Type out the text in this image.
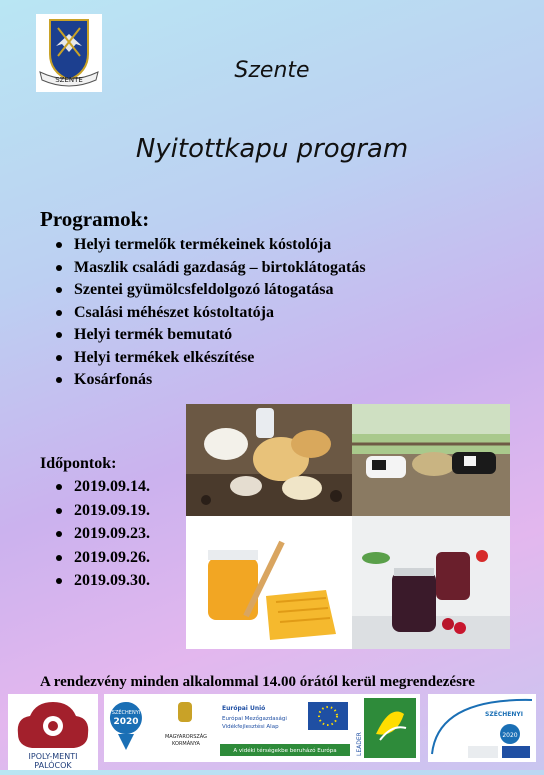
SZENTE	Szente
Nyitottkapu program
Programok:
Helyi termelők termékeinek kóstolója
Maszlik családi gazdaság – birtoklátogatás
Szentei gyümölcsfeldolgozó látogatása
Csalási méhészet kóstoltatója
Helyi termék bemutató
Helyi termékek elkészítése
Kosárfonás
Időpontok:
2019.09.14.
2019.09.19.
2019.09.23.
2019.09.26.
2019.09.30.
A rendezvény minden alkalommal 14.00 órától kerül megrendezésre
IPOLY-MENTI
PALÓCOK
SZÉCHENYI
2020
MAGYARORSZÁG
KORMÁNYA
Európai Unió
Európai Mezőgazdasági
Vidékfejlesztési Alap
A vidéki térségekbe beruházó Európa	LEADER
SZÉCHENYI
2020
